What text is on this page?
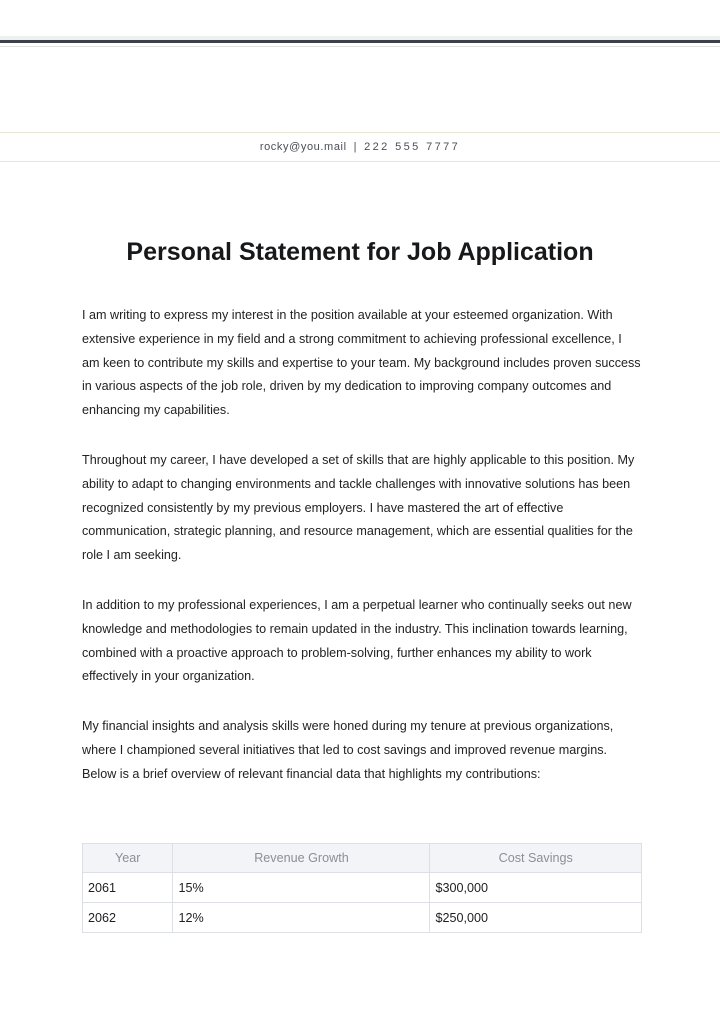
rocky@you.mail | 222 555 7777
Personal Statement for Job Application

I am writing to express my interest in the position available at your esteemed organization. With extensive experience in my field and a strong commitment to achieving professional excellence, I am keen to contribute my skills and expertise to your team. My background includes proven success in various aspects of the job role, driven by my dedication to improving company outcomes and enhancing my capabilities.

Throughout my career, I have developed a set of skills that are highly applicable to this position. My ability to adapt to changing environments and tackle challenges with innovative solutions has been recognized consistently by my previous employers. I have mastered the art of effective communication, strategic planning, and resource management, which are essential qualities for the role I am seeking.

In addition to my professional experiences, I am a perpetual learner who continually seeks out new knowledge and methodologies to remain updated in the industry. This inclination towards learning, combined with a proactive approach to problem-solving, further enhances my ability to work effectively in your organization.

My financial insights and analysis skills were honed during my tenure at previous organizations, where I championed several initiatives that led to cost savings and improved revenue margins. Below is a brief overview of relevant financial data that highlights my contributions:

Year	Revenue Growth	Cost Savings
2061	15%	$300,000
2062	12%	$250,000
